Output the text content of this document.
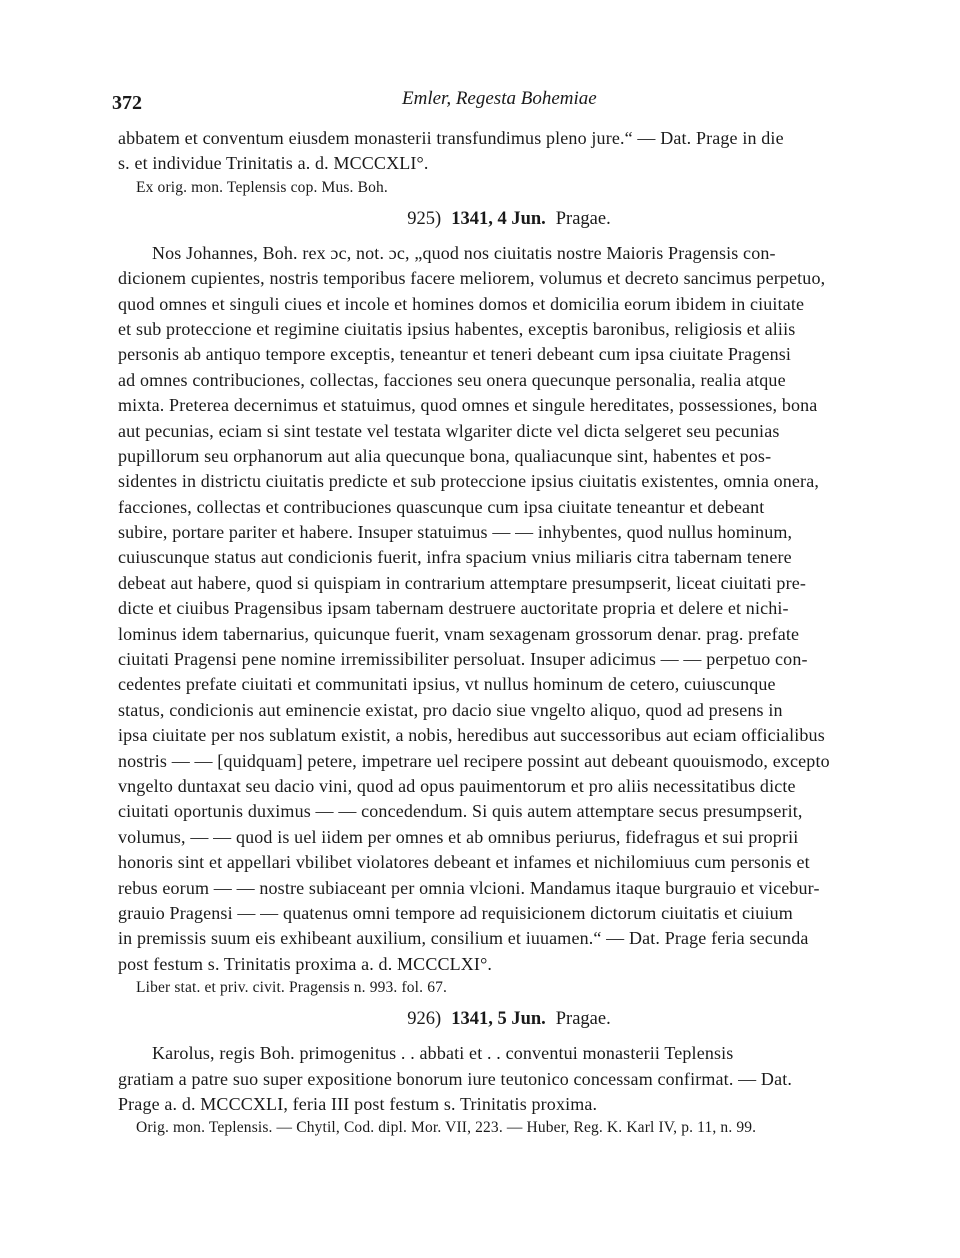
372	Emler, Regesta Bohemiae
abbatem et conventum eiusdem monasterii transfundimus pleno jure.“ — Dat. Prage in die
s. et individue Trinitatis a. d. MCCCXLI°.
Ex orig. mon. Teplensis cop. Mus. Boh.
925) 1341, 4 Jun. Pragae.
Nos Johannes, Boh. rex ɔc, not. ɔc, „quod nos ciuitatis nostre Maioris Pragensis con-
dicionem cupientes, nostris temporibus facere meliorem, volumus et decreto sancimus perpetuo,
quod omnes et singuli ciues et incole et homines domos et domicilia eorum ibidem in ciuitate
et sub proteccione et regimine ciuitatis ipsius habentes, exceptis baronibus, religiosis et aliis
personis ab antiquo tempore exceptis, teneantur et teneri debeant cum ipsa ciuitate Pragensi
ad omnes contribuciones, collectas, facciones seu onera quecunque personalia, realia atque
mixta. Preterea decernimus et statuimus, quod omnes et singule hereditates, possessiones, bona
aut pecunias, eciam si sint testate vel testata wlgariter dicte vel dicta selgeret seu pecunias
pupillorum seu orphanorum aut alia quecunque bona, qualiacunque sint, habentes et pos-
sidentes in districtu ciuitatis predicte et sub proteccione ipsius ciuitatis existentes, omnia onera,
facciones, collectas et contribuciones quascunque cum ipsa ciuitate teneantur et debeant
subire, portare pariter et habere. Insuper statuimus — — inhybentes, quod nullus hominum,
cuiuscunque status aut condicionis fuerit, infra spacium vnius miliaris citra tabernam tenere
debeat aut habere, quod si quispiam in contrarium attemptare presumpserit, liceat ciuitati pre-
dicte et ciuibus Pragensibus ipsam tabernam destruere auctoritate propria et delere et nichi-
lominus idem tabernarius, quicunque fuerit, vnam sexagenam grossorum denar. prag. prefate
ciuitati Pragensi pene nomine irremissibiliter persoluat. Insuper adicimus — — perpetuo con-
cedentes prefate ciuitati et communitati ipsius, vt nullus hominum de cetero, cuiuscunque
status, condicionis aut eminencie existat, pro dacio siue vngelto aliquo, quod ad presens in
ipsa ciuitate per nos sublatum existit, a nobis, heredibus aut successoribus aut eciam officialibus
nostris — — [quidquam] petere, impetrare uel recipere possint aut debeant quouismodo, excepto
vngelto duntaxat seu dacio vini, quod ad opus pauimentorum et pro aliis necessitatibus dicte
ciuitati oportunis duximus — — concedendum. Si quis autem attemptare secus presumpserit,
volumus, — — quod is uel iidem per omnes et ab omnibus periurus, fidefragus et sui proprii
honoris sint et appellari vbilibet violatores debeant et infames et nichilomiuus cum personis et
rebus eorum — — nostre subiaceant per omnia vlcioni. Mandamus itaque burgrauio et vicebur-
grauio Pragensi — — quatenus omni tempore ad requisicionem dictorum ciuitatis et ciuium
in premissis suum eis exhibeant auxilium, consilium et iuuamen.“ — Dat. Prage feria secunda
post festum s. Trinitatis proxima a. d. MCCCLXI°.
Liber stat. et priv. civit. Pragensis n. 993. fol. 67.
926) 1341, 5 Jun. Pragae.
Karolus, regis Boh. primogenitus . . abbati et . . conventui monasterii Teplensis
gratiam a patre suo super expositione bonorum iure teutonico concessam confirmat. — Dat.
Prage a. d. MCCCXLI, feria III post festum s. Trinitatis proxima.
Orig. mon. Teplensis. — Chytil, Cod. dipl. Mor. VII, 223. — Huber, Reg. K. Karl IV, p. 11, n. 99.
